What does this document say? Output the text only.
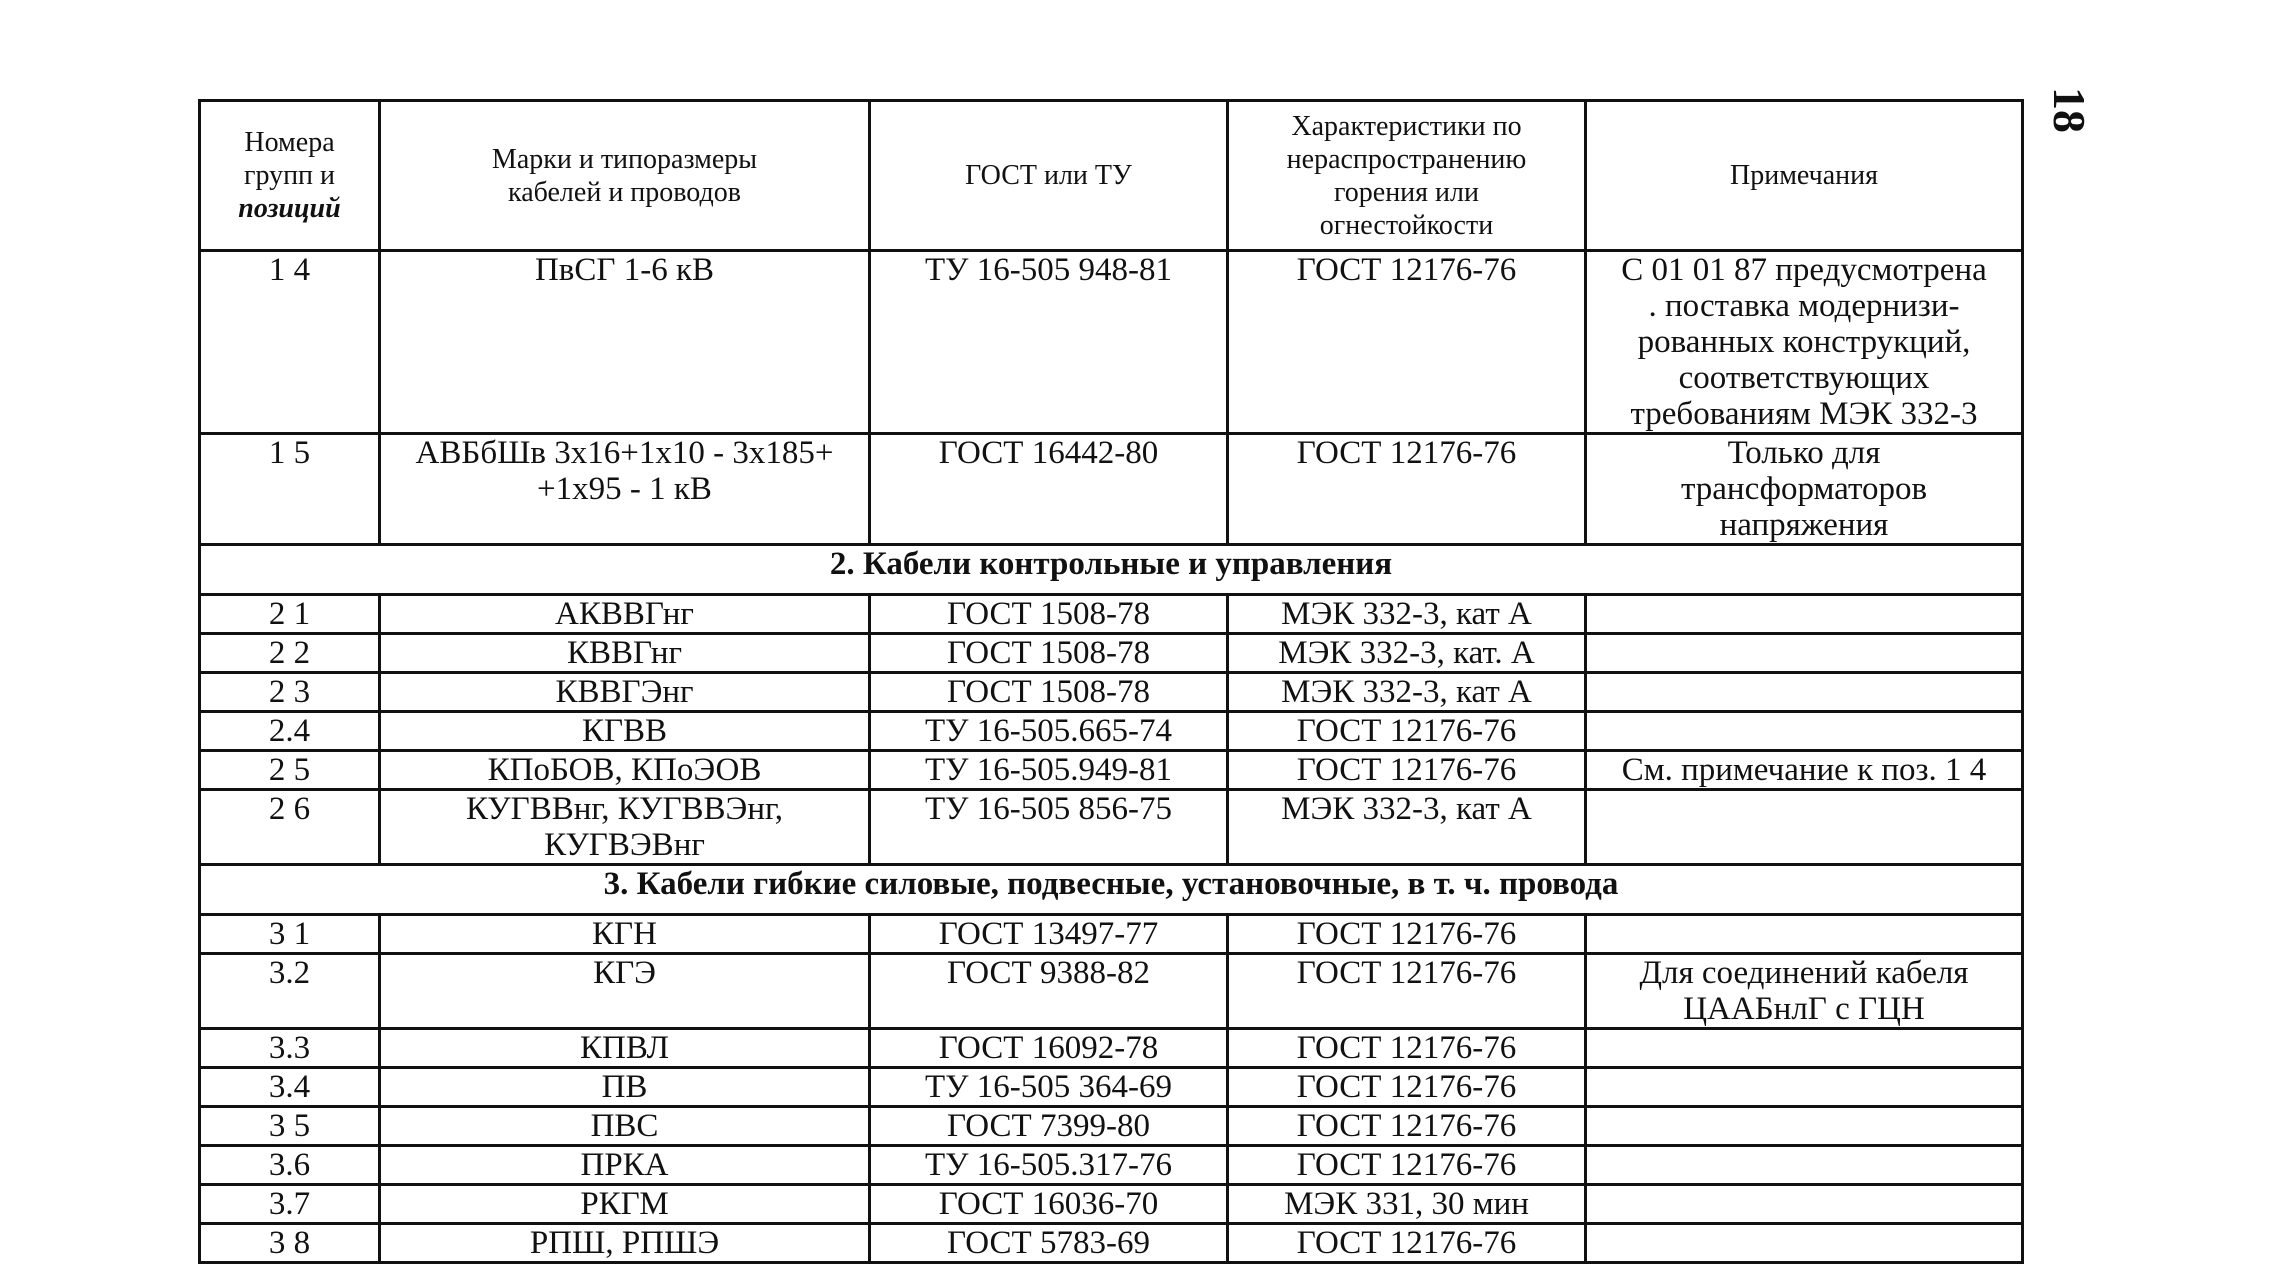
18
Номера
групп и
позиций	Марки и типоразмеры
кабелей и проводов	ГОСТ или ТУ	Характеристики по
нераспространению
горения или
огнестойкости	Примечания
1 4	ПвСГ 1-6 кВ	ТУ 16-505 948-81	ГОСТ 12176-76	С 01 01 87 предусмотрена
. поставка модернизи-
рованных конструкций,
соответствующих
требованиям МЭК 332-3
1 5	АВБбШв 3х16+1х10 - 3х185+
+1х95 - 1 кВ	ГОСТ 16442-80	ГОСТ 12176-76	Только для
трансформаторов
напряжения
2. Кабели контрольные и управления				
2 1	АКВВГнг	ГОСТ 1508-78	МЭК 332-3, кат А	
2 2	КВВГнг	ГОСТ 1508-78	МЭК 332-3, кат. А	
2 3	КВВГЭнг	ГОСТ 1508-78	МЭК 332-3, кат А	
2.4	КГВВ	ТУ 16-505.665-74	ГОСТ 12176-76	
2 5	КПоБОВ, КПоЭОВ	ТУ 16-505.949-81	ГОСТ 12176-76	См. примечание к поз. 1 4
2 6	КУГВВнг, КУГВВЭнг,
КУГВЭВнг	ТУ 16-505 856-75	МЭК 332-3, кат А	
3. Кабели гибкие силовые, подвесные, установочные, в т. ч. провода				
3 1	КГН	ГОСТ 13497-77	ГОСТ 12176-76	
3.2	КГЭ	ГОСТ 9388-82	ГОСТ 12176-76	Для соединений кабеля
ЦААБнлГ с ГЦН
3.3	КПВЛ	ГОСТ 16092-78	ГОСТ 12176-76	
3.4	ПВ	ТУ 16-505 364-69	ГОСТ 12176-76	
3 5	ПВС	ГОСТ 7399-80	ГОСТ 12176-76	
3.6	ПРКА	ТУ 16-505.317-76	ГОСТ 12176-76	
3.7	РКГМ	ГОСТ 16036-70	МЭК 331, 30 мин	
3 8	РПШ, РПШЭ	ГОСТ 5783-69	ГОСТ 12176-76	
